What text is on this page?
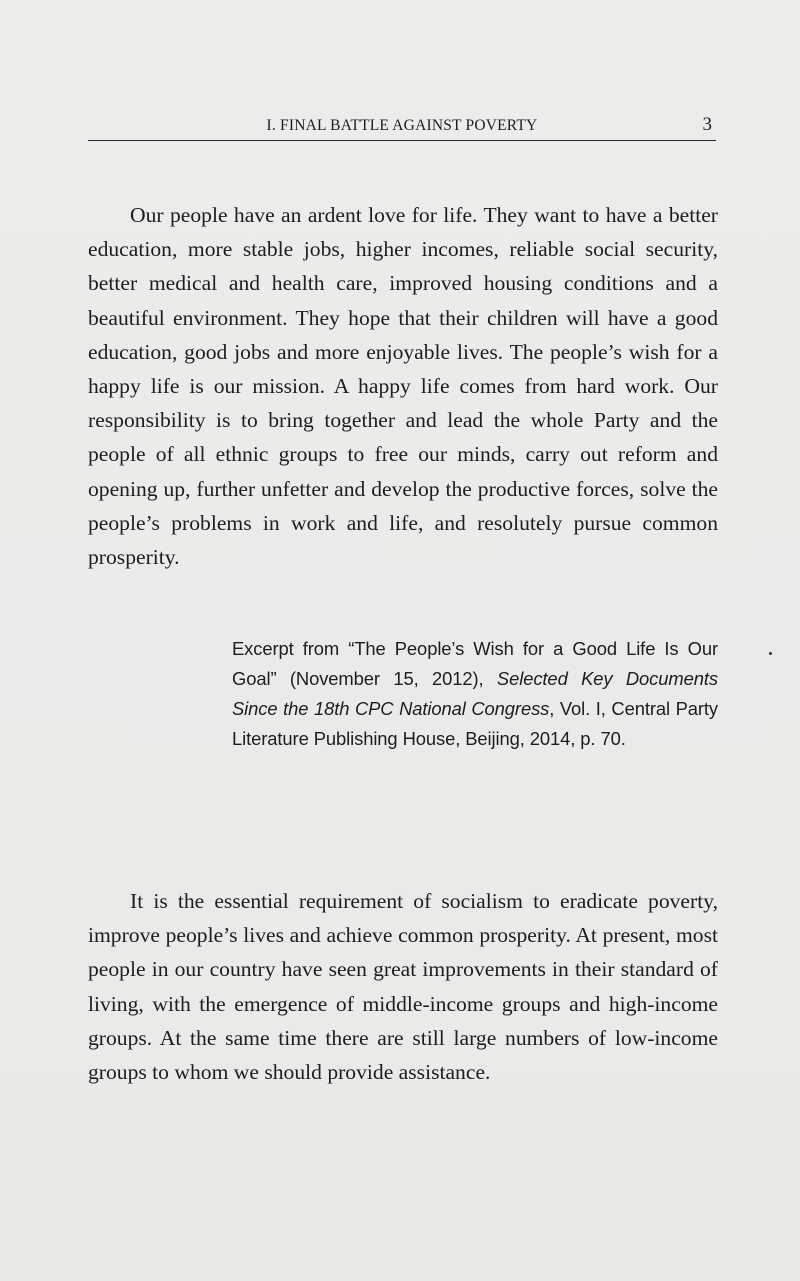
I. FINAL BATTLE AGAINST POVERTY	3

Our people have an ardent love for life. They want to have a better education, more stable jobs, higher incomes, reliable social security, better medical and health care, improved housing conditions and a beautiful environment. They hope that their children will have a good education, good jobs and more enjoyable lives. The people’s wish for a happy life is our mission. A happy life comes from hard work. Our responsibility is to bring together and lead the whole Party and the people of all ethnic groups to free our minds, carry out reform and opening up, further unfetter and develop the productive forces, solve the people’s problems in work and life, and resolutely pursue common prosperity.

Excerpt from “The People’s Wish for a Good Life Is Our Goal” (November 15, 2012), Selected Key Documents Since the 18th CPC National Congress, Vol. I, Central Party Literature Publishing House, Beijing, 2014, p. 70.

It is the essential requirement of socialism to eradicate poverty, improve people’s lives and achieve common prosperity. At present, most people in our country have seen great improvements in their standard of living, with the emergence of middle-income groups and high-income groups. At the same time there are still large numbers of low-income groups to whom we should provide assistance.
